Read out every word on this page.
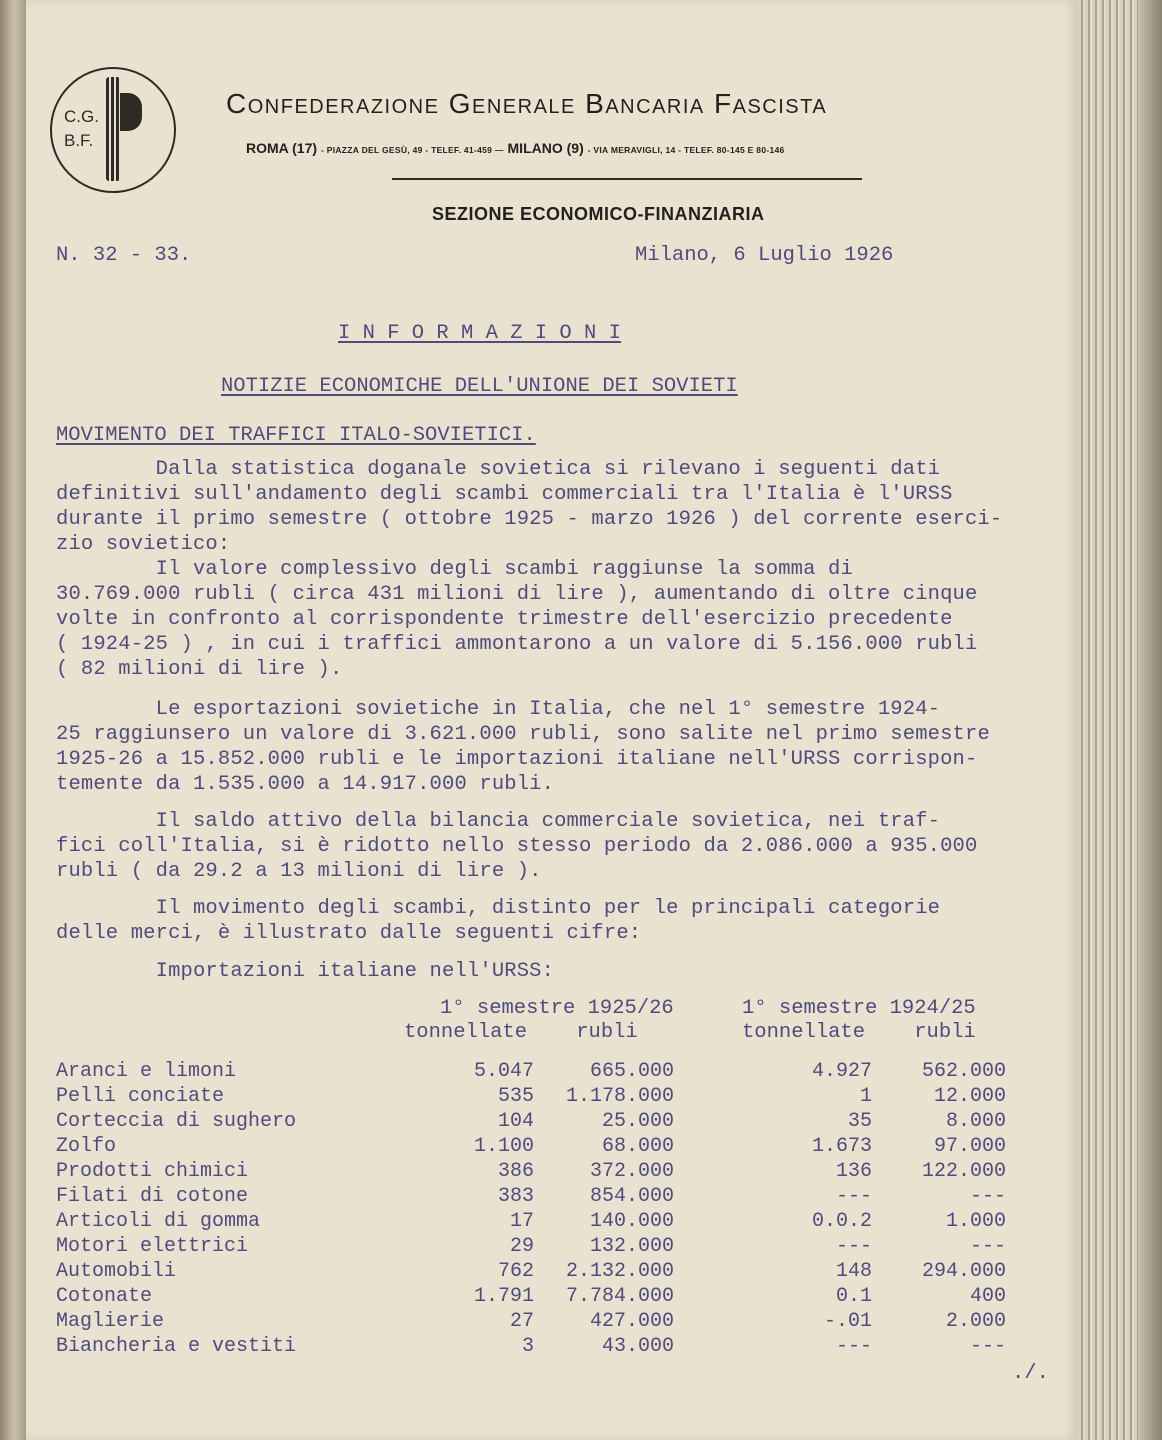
C.G.
B.F.
Confederazione Generale Bancaria Fascista
ROMA (17) - PIAZZA DEL GESÙ, 49 - TELEF. 41-459 — MILANO (9) - VIA MERAVIGLI, 14 - TELEF. 80-145 E 80-146
SEZIONE ECONOMICO-FINANZIARIA
N. 32 - 33.	Milano, 6 Luglio 1926
I N F O R M A Z I O N I
NOTIZIE ECONOMICHE DELL'UNIONE DEI SOVIETI
MOVIMENTO DEI TRAFFICI ITALO-SOVIETICI.
Dalla statistica doganale sovietica si rilevano i seguenti dati
definitivi sull'andamento degli scambi commerciali tra l'Italia è l'URSS
durante il primo semestre ( ottobre 1925 - marzo 1926 ) del corrente eserci-
zio sovietico:
Il valore complessivo degli scambi raggiunse la somma di
30.769.000 rubli ( circa 431 milioni di lire ), aumentando di oltre cinque
volte in confronto al corrispondente trimestre dell'esercizio precedente
( 1924-25 ) , in cui i traffici ammontarono a un valore di 5.156.000 rubli
( 82 milioni di lire ).
Le esportazioni sovietiche in Italia, che nel 1° semestre 1924-
25 raggiunsero un valore di 3.621.000 rubli, sono salite nel primo semestre
1925-26 a 15.852.000 rubli e le importazioni italiane nell'URSS corrispon-
temente da 1.535.000 a 14.917.000 rubli.
Il saldo attivo della bilancia commerciale sovietica, nei traf-
fici coll'Italia, si è ridotto nello stesso periodo da 2.086.000 a 935.000
rubli ( da 29.2 a 13 milioni di lire ).
Il movimento degli scambi, distinto per le principali categorie
delle merci, è illustrato dalle seguenti cifre:
Importazioni italiane nell'URSS:
1° semestre 1925/26	1° semestre 1924/25
tonnellate    rubli	tonnellate    rubli
Aranci e limoni	5.047	665.000	4.927 562.000
Pelli conciate	535 1.178.000	1	12.000
Corteccia di sughero	104	25.000	35	8.000
Zolfo	1.100	68.000	1.673	97.000
Prodotti chimici	386	372.000	136 122.000
Filati di cotone	383	854.000	---	---
Articoli di gomma	17	140.000	0.0.2	1.000
Motori elettrici	29	132.000	---	---
Automobili	762 2.132.000	148 294.000
Cotonate	1.791 7.784.000	0.1	400
Maglierie	27	427.000	-.01	2.000
Biancheria e vestiti	3	43.000	---	---
./.
